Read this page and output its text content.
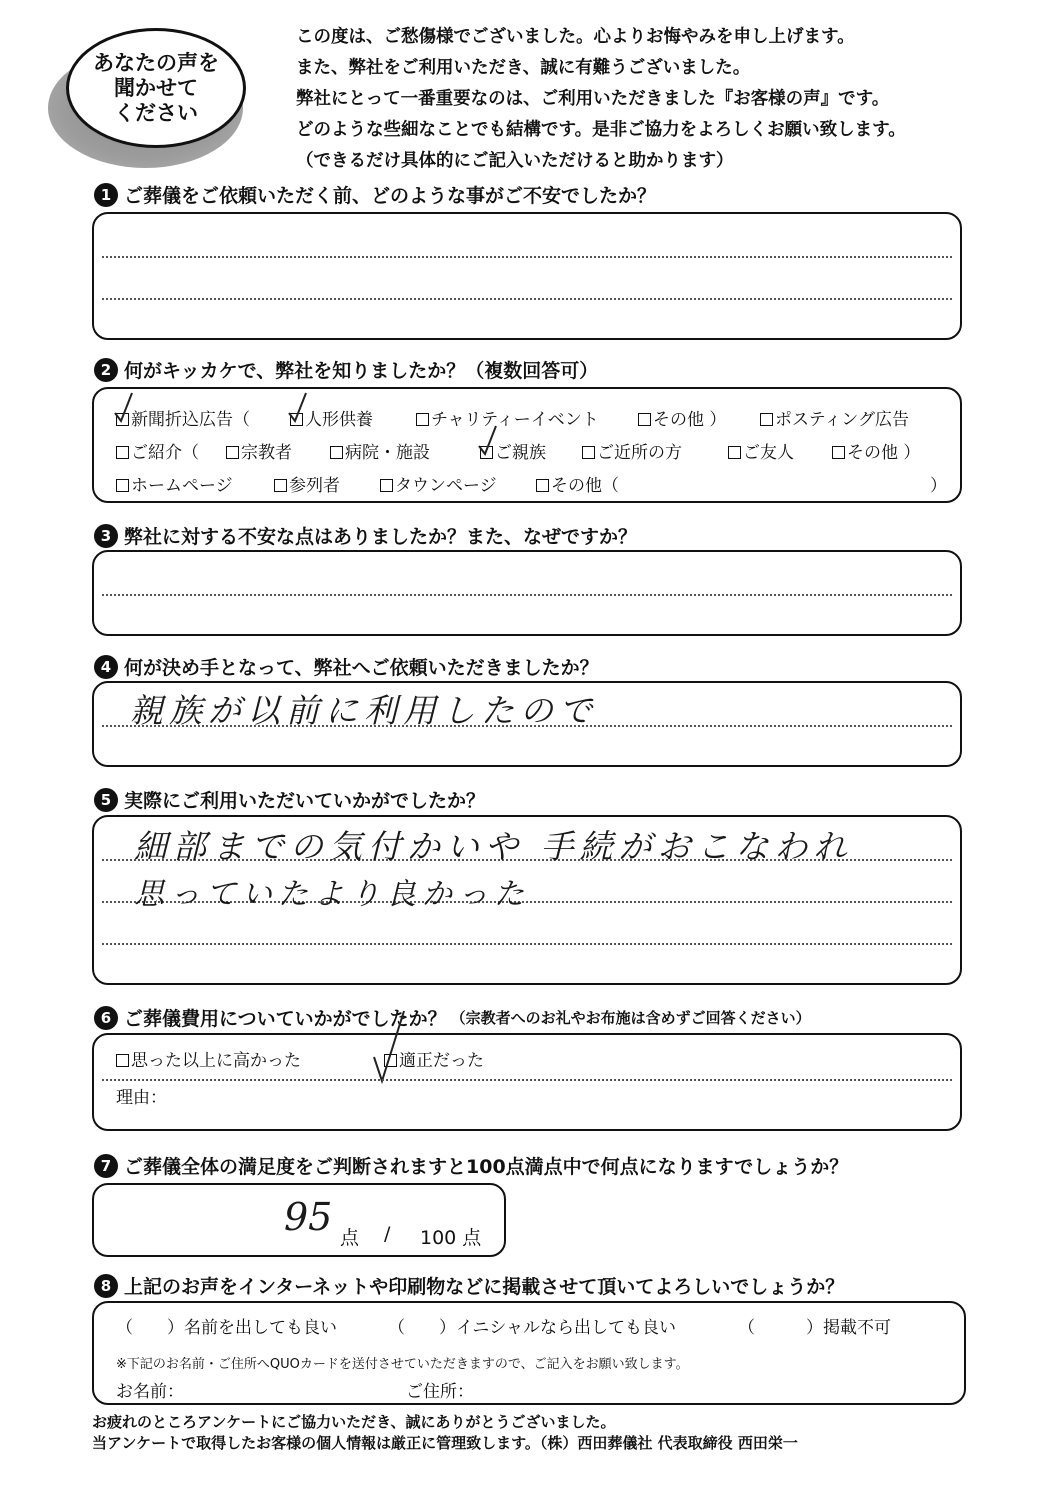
あなたの声を
聞かせて
ください
この度は、ご愁傷様でございました。心よりお悔やみを申し上げます。
また、弊社をご利用いただき、誠に有難うございました。
弊社にとって一番重要なのは、ご利用いただきました『お客様の声』です。
どのような些細なことでも結構です。是非ご協力をよろしくお願い致します。
（できるだけ具体的にご記入いただけると助かります）
1 ご葬儀をご依頼いただく前、どのような事がご不安でしたか？
2 何がキッカケで、弊社を知りましたか？（複数回答可）
新聞折込広告（	人形供養	チャリティーイベント	その他 ）	ポスティング広告
ご紹介（	宗教者	病院・施設	ご親族	ご近所の方	ご友人	その他 ）
ホームページ	参列者	タウンページ	その他（	）
3 弊社に対する不安な点はありましたか？また、なぜですか？
4 何が決め手となって、弊社へご依頼いただきましたか？
親族が以前に利用したので
5 実際にご利用いただいていかがでしたか？
細部までの気付かいや 手続がおこなわれ
思っていたより良かった
6 ご葬儀費用についていかがでしたか？ （宗教者へのお礼やお布施は含めずご回答ください）
思った以上に高かった	適正だった
理由：
7 ご葬儀全体の満足度をご判断されますと100点満点中で何点になりますでしょうか？
95 点 / 100 点
8 上記のお声をインターネットや印刷物などに掲載させて頂いてよろしいでしょうか？
（　　）名前を出しても良い	（　　）イニシャルなら出しても良い	（　　　）掲載不可
※下記のお名前・ご住所へQUOカードを送付させていただきますので、ご記入をお願い致します。
お名前：	ご住所：
お疲れのところアンケートにご協力いただき、誠にありがとうございました。
当アンケートで取得したお客様の個人情報は厳正に管理致します。（株）西田葬儀社 代表取締役 西田栄一
